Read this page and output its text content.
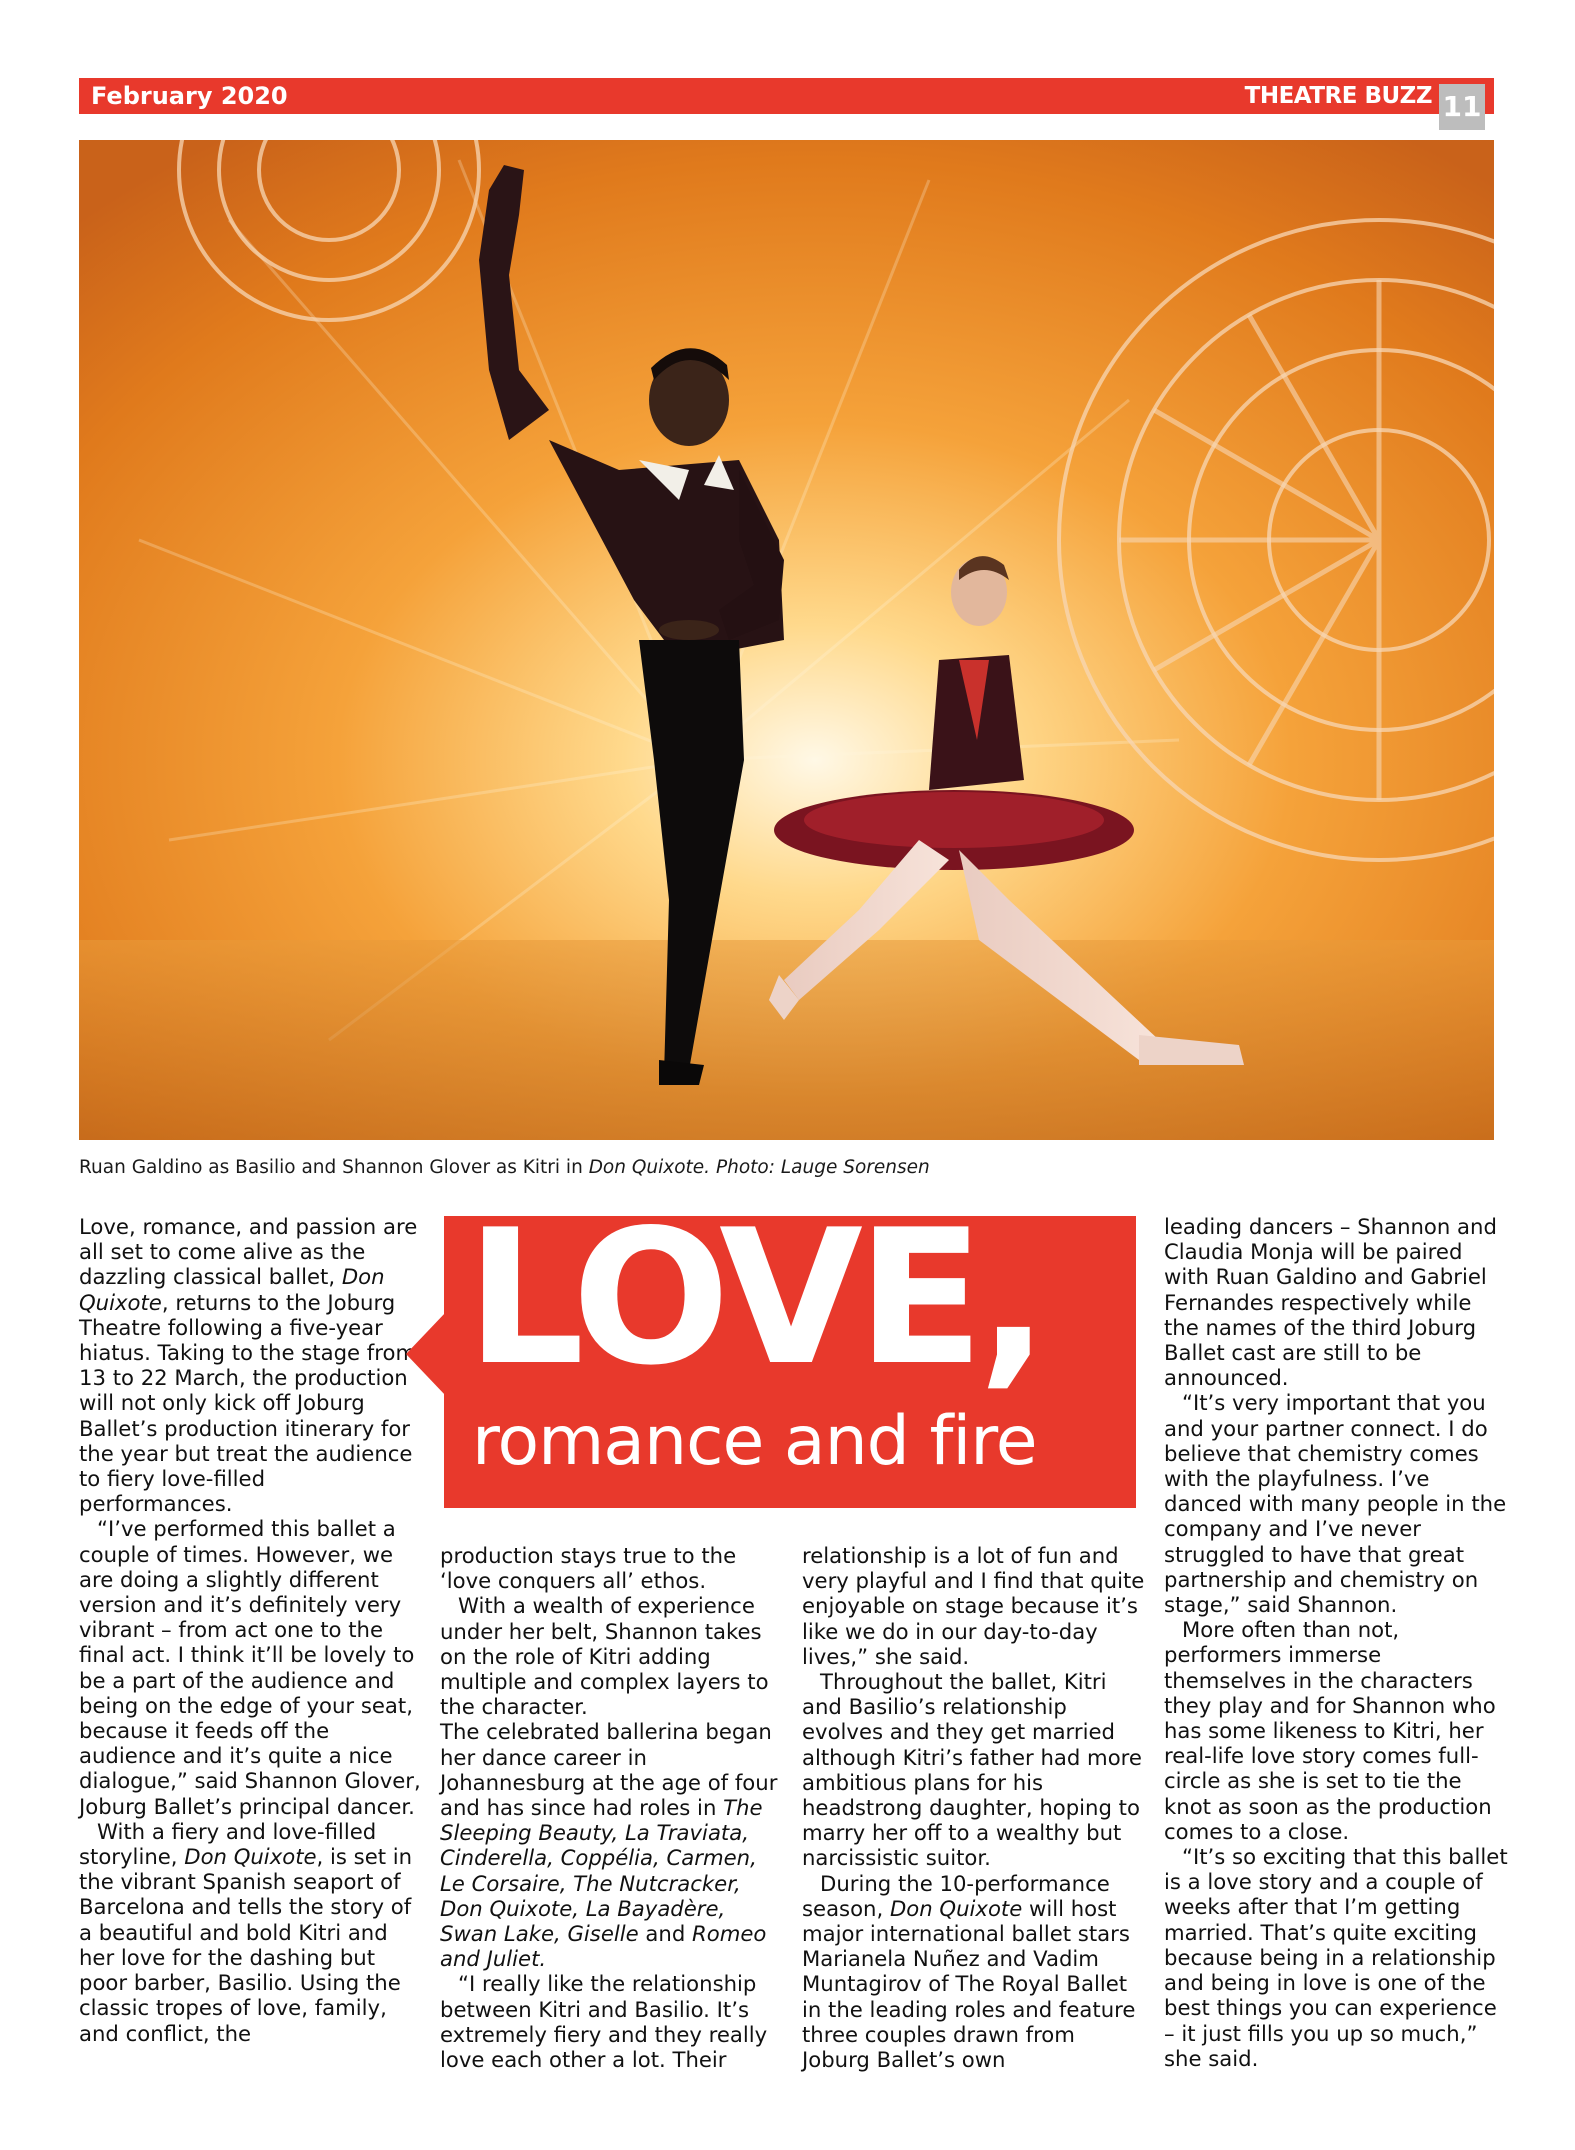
February 2020	THEATRE BUZZ 11
Ruan Galdino as Basilio and Shannon Glover as Kitri in Don Quixote. Photo: Lauge Sorensen

Love, romance, and passion are all set to come alive as the dazzling classical ballet, Don Quixote, returns to the Joburg Theatre following a five-year hiatus. Taking to the stage from 13 to 22 March, the production will not only kick off Joburg Ballet’s production itinerary for the year but treat the audience to fiery love-filled performances.

“I’ve performed this ballet a couple of times. However, we are doing a slightly different version and it’s definitely very vibrant – from act one to the final act. I think it’ll be lovely to be a part of the audience and being on the edge of your seat, because it feeds off the audience and it’s quite a nice dialogue,” said Shannon Glover, Joburg Ballet’s principal dancer.

With a fiery and love-filled storyline, Don Quixote, is set in the vibrant Spanish seaport of Barcelona and tells the story of a beautiful and bold Kitri and her love for the dashing but poor barber, Basilio. Using the classic tropes of love, family, and conflict, the

production stays true to the ‘love conquers all’ ethos.

With a wealth of experience under her belt, Shannon takes on the role of Kitri adding multiple and complex layers to the character.

The celebrated ballerina began her dance career in Johannesburg at the age of four and has since had roles in The Sleeping Beauty, La Traviata, Cinderella, Coppélia, Carmen, Le Corsaire, The Nutcracker, Don Quixote, La Bayadère, Swan Lake, Giselle and Romeo and Juliet.

“I really like the relationship between Kitri and Basilio. It’s extremely fiery and they really love each other a lot. Their

relationship is a lot of fun and very playful and I find that quite enjoyable on stage because it’s like we do in our day-to-day lives,” she said.

Throughout the ballet, Kitri and Basilio’s relationship evolves and they get married although Kitri’s father had more ambitious plans for his headstrong daughter, hoping to marry her off to a wealthy but narcissistic suitor.

During the 10-performance season, Don Quixote will host major international ballet stars Marianela Nuñez and Vadim Muntagirov of The Royal Ballet in the leading roles and feature three couples drawn from Joburg Ballet’s own

leading dancers – Shannon and Claudia Monja will be paired with Ruan Galdino and Gabriel Fernandes respectively while the names of the third Joburg Ballet cast are still to be announced.

“It’s very important that you and your partner connect. I do believe that chemistry comes with the playfulness. I’ve danced with many people in the company and I’ve never struggled to have that great partnership and chemistry on stage,” said Shannon.

More often than not, performers immerse themselves in the characters they play and for Shannon who has some likeness to Kitri, her real-life love story comes full-circle as she is set to tie the knot as soon as the production comes to a close.

“It’s so exciting that this ballet is a love story and a couple of weeks after that I’m getting married. That’s quite exciting because being in a relationship and being in love is one of the best things you can experience – it just fills you up so much,” she said.

LOVE,
romance and fire
